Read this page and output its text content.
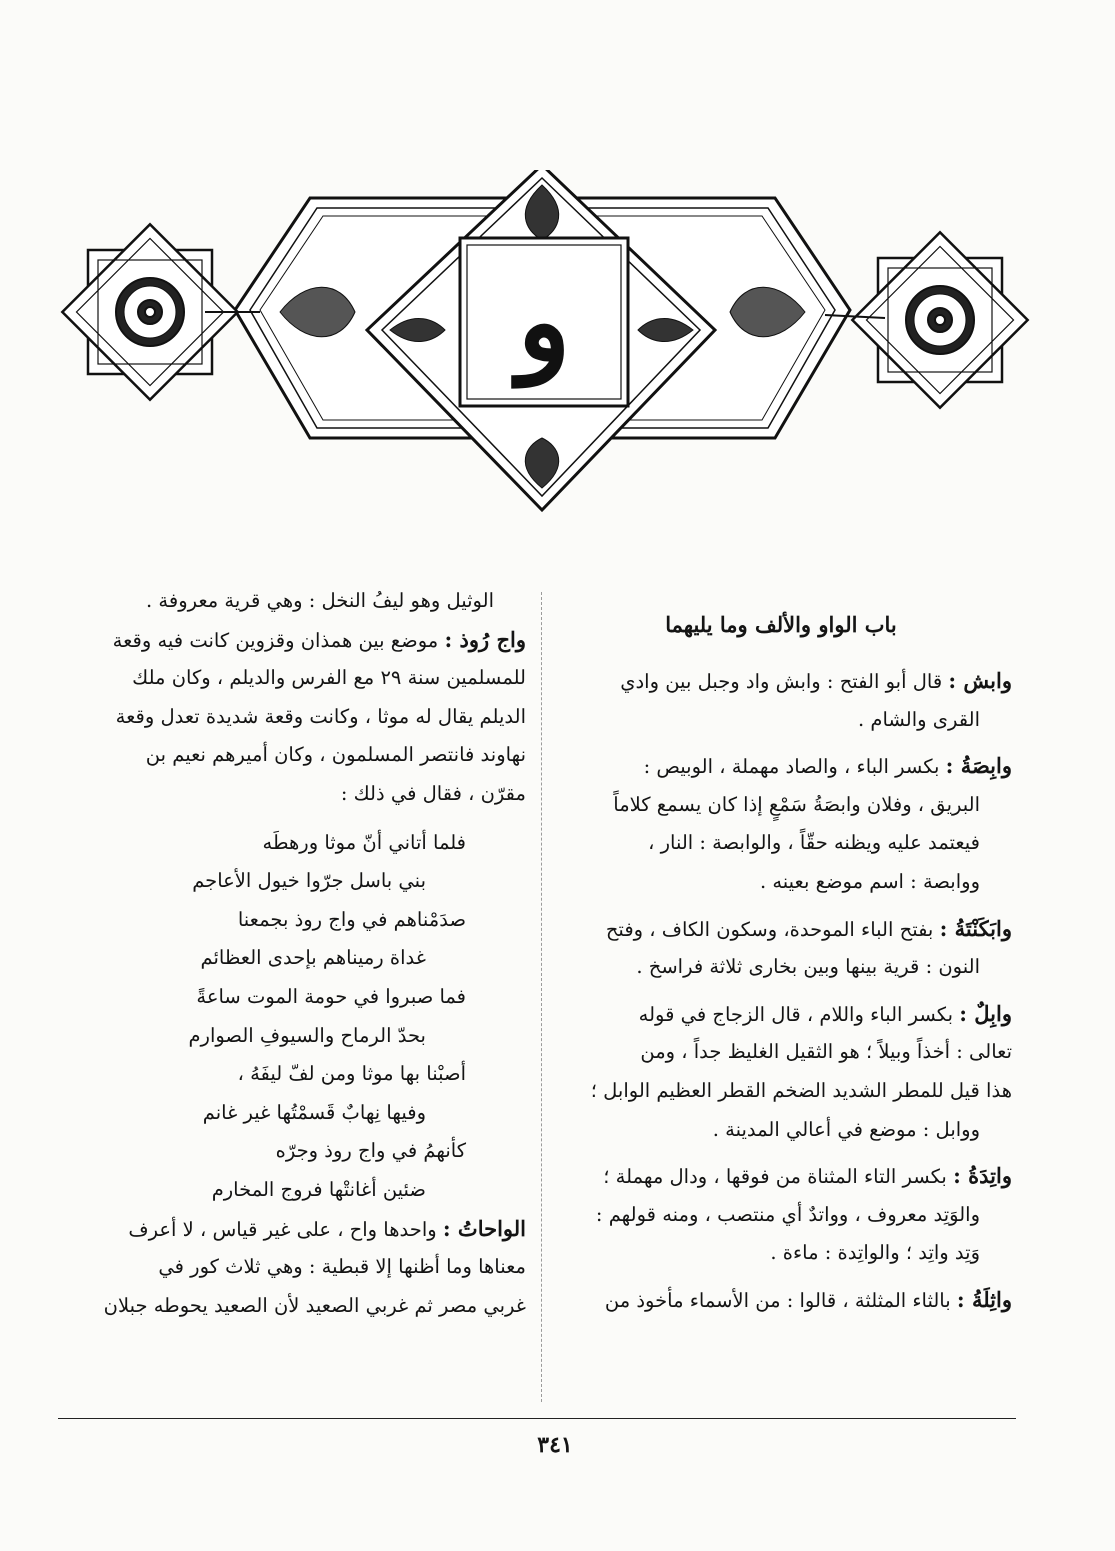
و
باب الواو والألف وما يليهما
وابش : قال أبو الفتح : وابش واد وجبل بين وادي
القرى والشام .
وابِصَةُ : بكسر الباء ، والصاد مهملة ، الوبيص :
البريق ، وفلان وابصَةُ سَمْعٍ إذا كان يسمع كلاماً
فيعتمد عليه ويظنه حقّاً ، والوابصة : النار ،
ووابصة : اسم موضع بعينه .
وابَكَنْتَةُ : بفتح الباء الموحدة، وسكون الكاف ، وفتح
النون : قرية بينها وبين بخارى ثلاثة فراسخ .
وابِلٌ : بكسر الباء واللام ، قال الزجاج في قوله
تعالى : أخذاً وبيلاً ؛ هو الثقيل الغليظ جداً ، ومن
هذا قيل للمطر الشديد الضخم القطر العظيم الوابل ؛
ووابل : موضع في أعالي المدينة .
واتِدَةُ : بكسر التاء المثناة من فوقها ، ودال مهملة ؛
والوَتِد معروف ، وواتدٌ أي منتصب ، ومنه قولهم :
وَتِد واتِد ؛ والواتِدة : ماءة .
واثِلَةُ : بالثاء المثلثة ، قالوا : من الأسماء مأخوذ من
الوثيل وهو ليفُ النخل : وهي قرية معروفة .
واج رُوذ : موضع بين همذان وقزوين كانت فيه وقعة
للمسلمين سنة ٢٩ مع الفرس والديلم ، وكان ملك
الديلم يقال له موثا ، وكانت وقعة شديدة تعدل وقعة
نهاوند فانتصر المسلمون ، وكان أميرهم نعيم بن
مقرّن ، فقال في ذلك :
فلما أتاني أنّ موثا ورهطَه
بني باسل جرّوا خيول الأعاجم
صدَمْناهم في واج روذ بجمعنا
غداة رميناهم بإحدى العظائم
فما صبروا في حومة الموت ساعةً
بحدّ الرماح والسيوفِ الصوارم
أصبْنا بها موثا ومن لفّ ليفَهُ ،
وفيها نِهابٌ قَسمْتُها غير غانم
كأنهمُ في واج روذ وجرّه
ضئين أغانتْها فروج المخارم
الواحاتُ : واحدها واح ، على غير قياس ، لا أعرف
معناها وما أظنها إلا قبطية : وهي ثلاث كور في
غربي مصر ثم غربي الصعيد لأن الصعيد يحوطه جبلان
٣٤١
